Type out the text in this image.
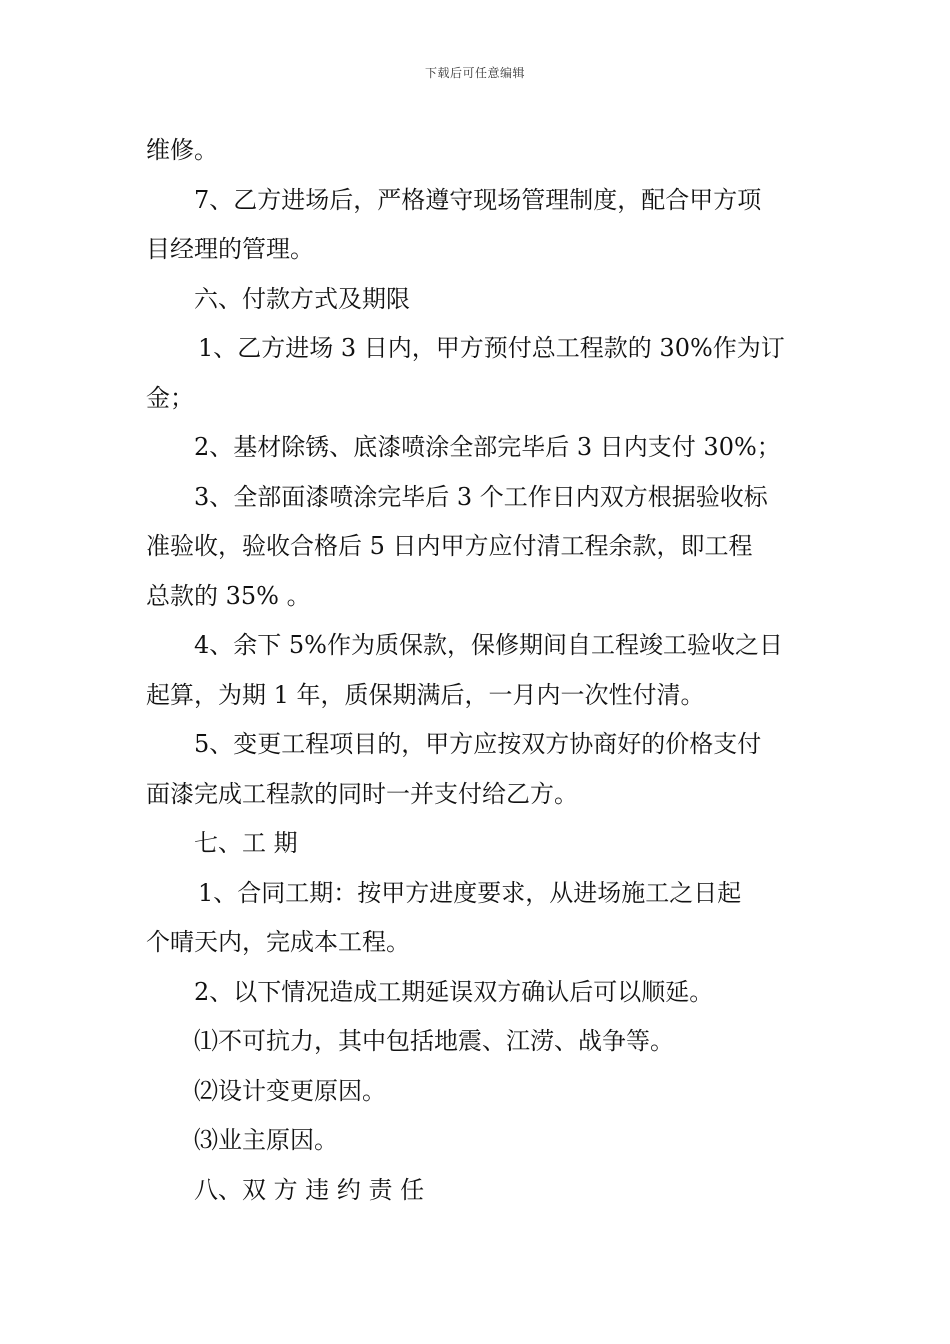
下载后可任意编辑
维修。
7、乙方进场后，严格遵守现场管理制度，配合甲方项
目经理的管理。
六、付款方式及期限
1、乙方进场 3 日内，甲方预付总工程款的 30%作为订
金；
2、基材除锈、底漆喷涂全部完毕后 3 日内支付 30%；
3、全部面漆喷涂完毕后 3 个工作日内双方根据验收标
准验收，验收合格后 5 日内甲方应付清工程余款，即工程
总款的 35% 。
4、余下 5%作为质保款，保修期间自工程竣工验收之日
起算，为期 1 年，质保期满后，一月内一次性付清。
5、变更工程项目的，甲方应按双方协商好的价格支付
面漆完成工程款的同时一并支付给乙方。
七、工 期
1、合同工期：按甲方进度要求，从进场施工之日起
个晴天内，完成本工程。
2、以下情况造成工期延误双方确认后可以顺延。
⑴不可抗力，其中包括地震、江涝、战争等。
⑵设计变更原因。
⑶业主原因。
八、双 方 违 约 责 任
